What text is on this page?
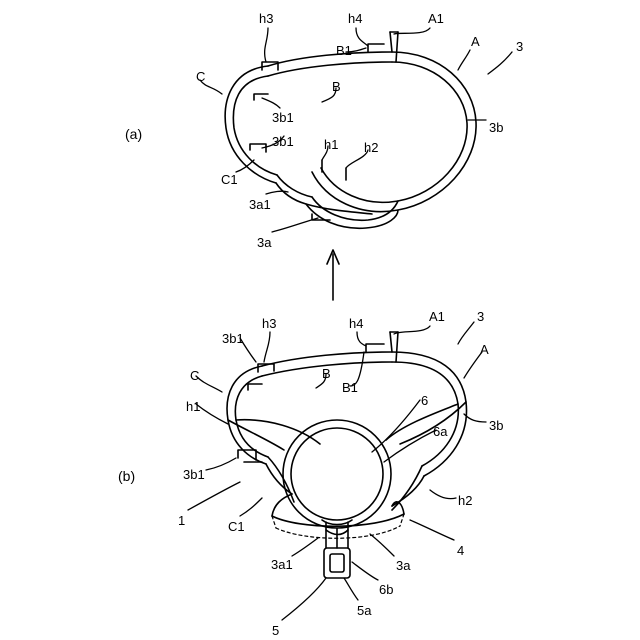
(a)
(b)
h3	h4	A1
B1
A	3
C
B
3b1
3b
3b1 h1 h2
C1
3a1
3a
3b1
h3	h4	A1 3
A
C	B
B1
6
h1
6a	3b
3b1
h2
1	C1
4
3a1	3a
6b
5a
5
